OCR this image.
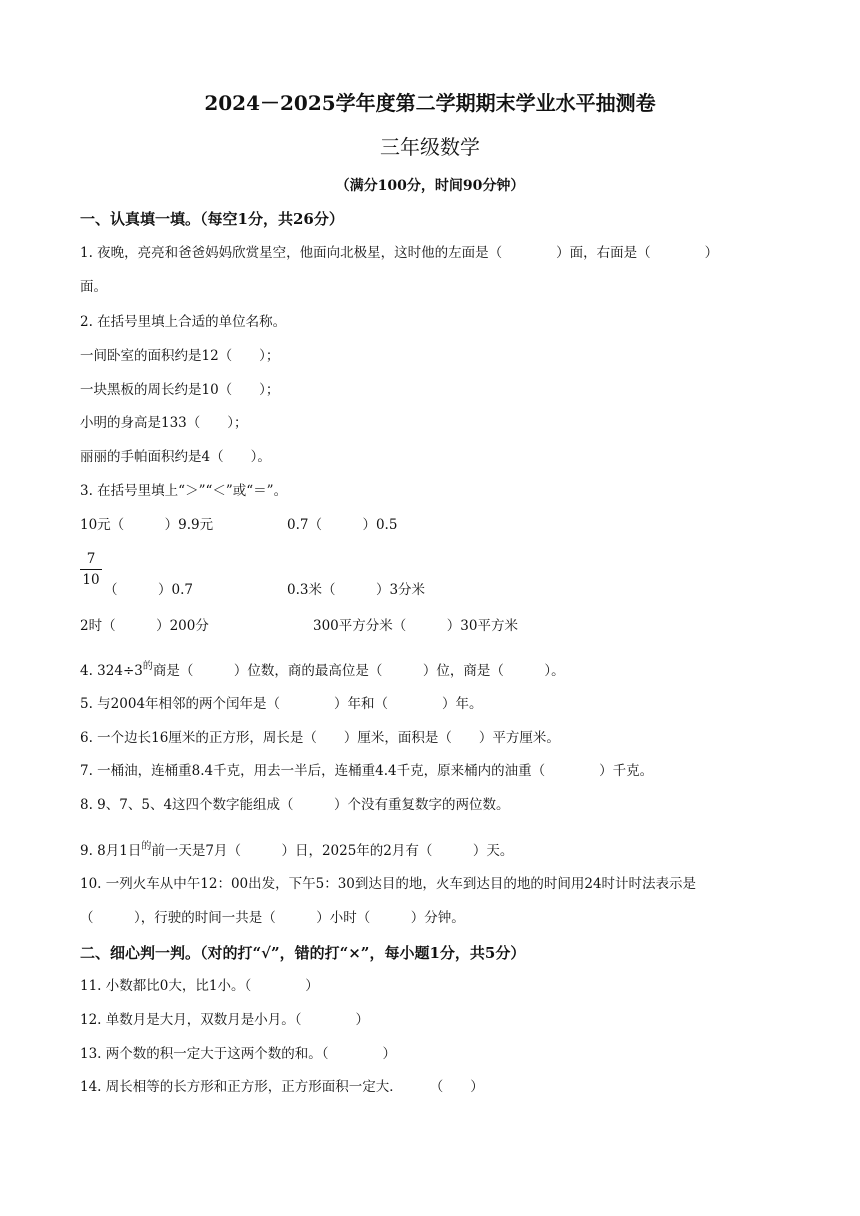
2024－2025学年度第二学期期末学业水平抽测卷
三年级数学
（满分100分，时间90分钟）
一、认真填一填。（每空1分，共26分）
1. 夜晚，亮亮和爸爸妈妈欣赏星空，他面向北极星，这时他的左面是（　　　　）面，右面是（　　　　）
面。
2. 在括号里填上合适的单位名称。
一间卧室的面积约是12（　　）；
一块黑板的周长约是10（　　）；
小明的身高是133（　　）；
丽丽的手帕面积约是4（　　）。
3. 在括号里填上“＞”“＜”或“＝”。
10元（　　　）9.9元	0.7（　　　）0.5
7
10
（　　　）0.7	0.3米（　　　）3分米
2时（　　　）200分	300平方分米（　　　）30平方米
4. $324\div 3^的$商是（　　　）位数，商的最高位是（　　　）位，商是（　　　）。
5. 与2004年相邻的两个闰年是（　　　　）年和（　　　　）年。
6. 一个边长16厘米的正方形，周长是（　　）厘米，面积是（　　）平方厘米。
7. 一桶油，连桶重8.4千克，用去一半后，连桶重4.4千克，原来桶内的油重（　　　　）千克。
8. 9、7、5、4这四个数字能组成（　　　）个没有重复数字的两位数。
9. 8月1日$^的$前一天是7月（　　　）日，2025年的2月有（　　　）天。
10. 一列火车从中午12：00出发，下午5：30到达目的地，火车到达目的地的时间用24时计时法表示是
（　　　），行驶的时间一共是（　　　）小时（　　　）分钟。
二、细心判一判。（对的打“√”，错的打“×”，每小题1分，共5分）
11. 小数都比0大，比1小。（　　　　）
12. 单数月是大月，双数月是小月。（　　　　）
13. 两个数的积一定大于这两个数的和。（　　　　）
14. 周长相等的长方形和正方形，正方形面积一定大．　　　（　　）
